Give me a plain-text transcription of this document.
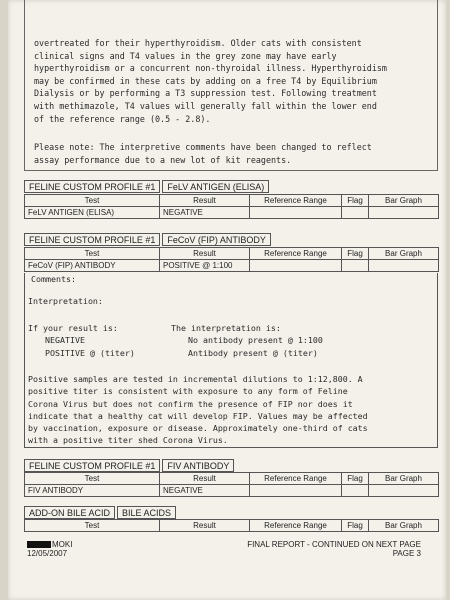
overtreated for their hyperthyroidism. Older cats with consistent
clinical signs and T4 values in the grey zone may have early
hyperthyroidism or a concurrent non-thyroidal illness. Hyperthyroidism
may be confirmed in these cats by adding on a free T4 by Equilibrium
Dialysis or by performing a T3 suppression test. Following treatment
with methimazole, T4 values will generally fall within the lower end
of the reference range (0.5 - 2.8).
Please note: The interpretive comments have been changed to reflect
assay performance due to a new lot of kit reagents.
FELINE CUSTOM PROFILE #1	FeLV ANTIGEN (ELISA)
Test	Result	Reference Range	Flag	Bar Graph
FeLV ANTIGEN (ELISA)	NEGATIVE			
FELINE CUSTOM PROFILE #1	FeCoV (FIP) ANTIBODY
Test	Result	Reference Range	Flag	Bar Graph
FeCoV (FIP) ANTIBODY	POSITIVE @ 1:100			
Comments:
Interpretation:
If your result is:	The interpretation is:
NEGATIVE	No antibody present @ 1:100
POSITIVE @ (titer)	Antibody present @ (titer)
Positive samples are tested in incremental dilutions to 1:12,800. A
positive titer is consistent with exposure to any form of Feline
Corona Virus but does not confirm the presence of FIP nor does it
indicate that a healthy cat will develop FIP. Values may be affected
by vaccination, exposure or disease. Approximately one-third of cats
with a positive titer shed Corona Virus.
FELINE CUSTOM PROFILE #1	FIV ANTIBODY
Test	Result	Reference Range	Flag	Bar Graph
FIV ANTIBODY	NEGATIVE			
ADD-ON BILE ACID	BILE ACIDS
Test	Result	Reference Range	Flag	Bar Graph
MOKI
12/05/2007
FINAL REPORT - CONTINUED ON NEXT PAGE
PAGE 3
